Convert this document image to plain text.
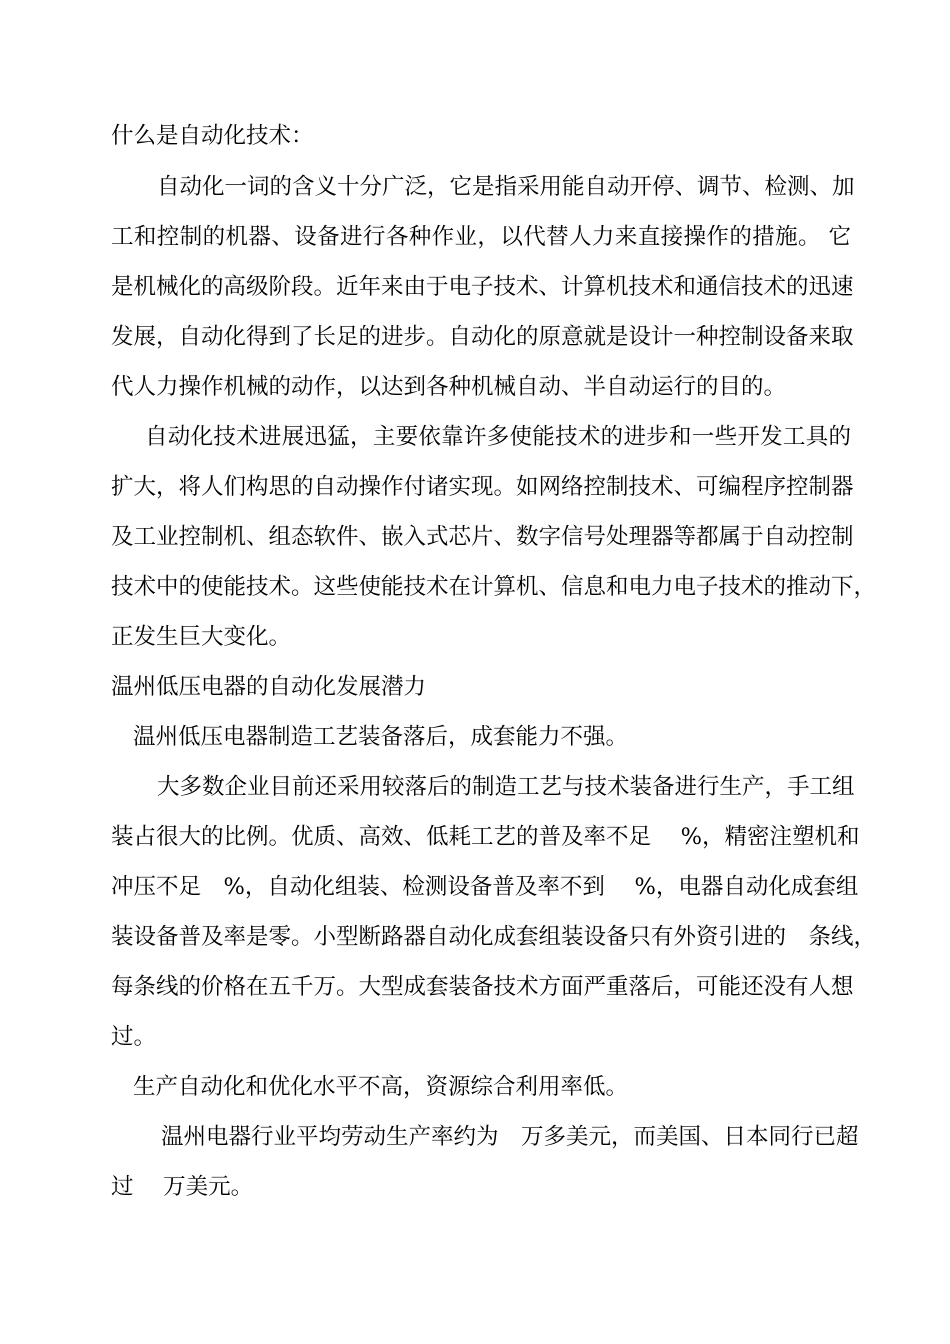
什么是自动化技术：
自动化一词的含义十分广泛，它是指采用能自动开停、调节、检测、加
工和控制的机器、设备进行各种作业，以代替人力来直接操作的措施。 它
是机械化的高级阶段。近年来由于电子技术、计算机技术和通信技术的迅速
发展，自动化得到了长足的进步。自动化的原意就是设计一种控制设备来取
代人力操作机械的动作，以达到各种机械自动、半自动运行的目的。
自动化技术进展迅猛，主要依靠许多使能技术的进步和一些开发工具的
扩大，将人们构思的自动操作付诸实现。如网络控制技术、可编程序控制器
及工业控制机、组态软件、嵌入式芯片、数字信号处理器等都属于自动控制
技术中的使能技术。这些使能技术在计算机、信息和电力电子技术的推动下，
正发生巨大变化。
温州低压电器的自动化发展潜力
温州低压电器制造工艺装备落后，成套能力不强。
大多数企业目前还采用较落后的制造工艺与技术装备进行生产，手工组
装占很大的比例。优质、高效、低耗工艺的普及率不足　 %，精密注塑机和
冲压不足　%，自动化组装、检测设备普及率不到　 %，电器自动化成套组
装设备普及率是零。小型断路器自动化成套组装设备只有外资引进的　条线，
每条线的价格在五千万。大型成套装备技术方面严重落后，可能还没有人想
过。
生产自动化和优化水平不高，资源综合利用率低。
温州电器行业平均劳动生产率约为　万多美元，而美国、日本同行已超
过　 万美元。
